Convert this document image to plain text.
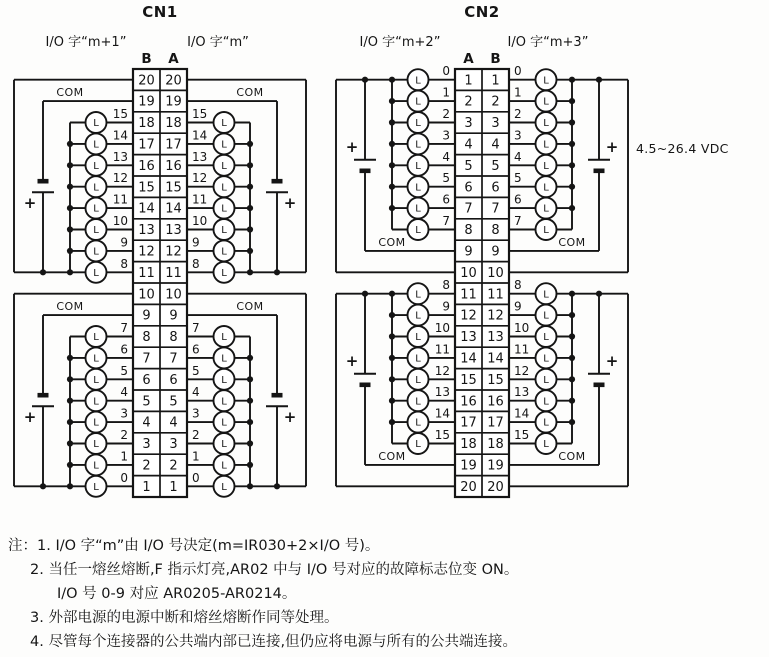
+
L
L
L
L
L
L
L
L
15
14
13
12
11
10
9
8
COM
+
L
L
L
L
L
L
L
L
15
14
13
12
11
10
9
8
COM
+
L
L
L
L
L
L
L
L
7
6
5
4
3
2
1
0
COM
+
L
L
L
L
L
L
L
L
7
6
5
4
3
2
1
0
COM
20 20
19 19
18 18
17 17
16 16
15 15
14 14
13 13
12 12
11 11
10 10
9 9
8 8
7 7
6 6
5 5
4 4
3 3
2 2
1 1
B A
+
L
L
L
L
L
L
L
L
0
1
2
3
4
5
6
7
COM
+
L
L
L
L
L
L
L
L
0
1
2
3
4
5
6
7
COM
+
L
L
L
L
L
L
L
L
8
9
10
11
12
13
14
15
COM
+
L
L
L
L
L
L
L
L
8
9
10
11
12
13
14
15
COM
1 1
2 2
3 3
4 4
5 5
6 6
7 7
8 8
9 9
10 10
11 11
12 12
13 13
14 14
15 15
16 16
17 17
18 18
19 19
20 20
A B
CN1	CN2
I/O 字“m+1”	I/O 字“m”	I/O 字“m+2”	I/O 字“m+3”
4.5~26.4 VDC
注：1. I/O 字“m”由 I/O 号决定(m=IR030+2×I/O 号)。
2. 当任一熔丝熔断,F 指示灯亮,AR02 中与 I/O 号对应的故障标志位变 ON。
I/O 号 0-9 对应 AR0205-AR0214。
3. 外部电源的电源中断和熔丝熔断作同等处理。
4. 尽管每个连接器的公共端内部已连接,但仍应将电源与所有的公共端连接。
